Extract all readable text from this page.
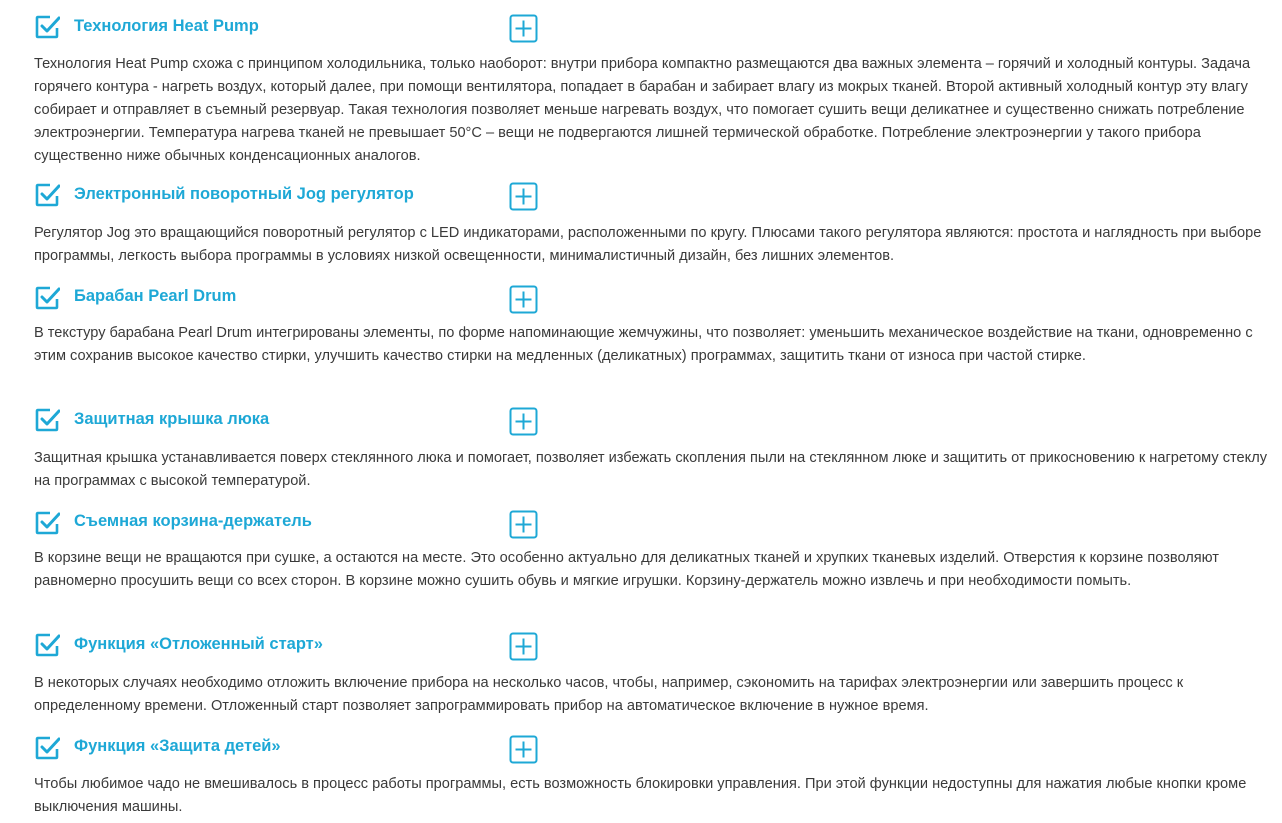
Технология Heat Pump

Технология Heat Pump схожа с принципом холодильника, только наоборот: внутри прибора компактно размещаются два важных элемента – горячий и холодный контуры. Задача горячего контура - нагреть воздух, который далее, при помощи вентилятора, попадает в барабан и забирает влагу из мокрых тканей. Второй активный холодный контур эту влагу собирает и отправляет в съемный резервуар. Такая технология позволяет меньше нагревать воздух, что помогает сушить вещи деликатнее и существенно снижать потребление электроэнергии. Температура нагрева тканей не превышает 50°C – вещи не подвергаются лишней термической обработке. Потребление электроэнергии у такого прибора существенно ниже обычных конденсационных аналогов.

Электронный поворотный Jog регулятор

Регулятор Jog это вращающийся поворотный регулятор с LED индикаторами, расположенными по кругу. Плюсами такого регулятора являются: простота и наглядность при выборе программы, легкость выбора программы в условиях низкой освещенности, минималистичный дизайн, без лишних элементов.

Барабан Pearl Drum

В текстуру барабана Pearl Drum интегрированы элементы, по форме напоминающие жемчужины, что позволяет: уменьшить механическое воздействие на ткани, одновременно с этим сохранив высокое качество стирки, улучшить качество стирки на медленных (деликатных) программах, защитить ткани от износа при частой стирке.

Защитная крышка люка

Защитная крышка устанавливается поверх стеклянного люка и помогает, позволяет избежать скопления пыли на стеклянном люке и защитить от прикосновению к нагретому стеклу на программах с высокой температурой.

Съемная корзина-держатель

В корзине вещи не вращаются при сушке, а остаются на месте. Это особенно актуально для деликатных тканей и хрупких тканевых изделий. Отверстия к корзине позволяют равномерно просушить вещи со всех сторон. В корзине можно сушить обувь и мягкие игрушки. Корзину-держатель можно извлечь и при необходимости помыть.

Функция «Отложенный старт»

В некоторых случаях необходимо отложить включение прибора на несколько часов, чтобы, например, сэкономить на тарифах электроэнергии или завершить процесс к определенному времени. Отложенный старт позволяет запрограммировать прибор на автоматическое включение в нужное время.

Функция «Защита детей»

Чтобы любимое чадо не вмешивалось в процесс работы программы, есть возможность блокировки управления. При этой функции недоступны для нажатия любые кнопки кроме выключения машины.
